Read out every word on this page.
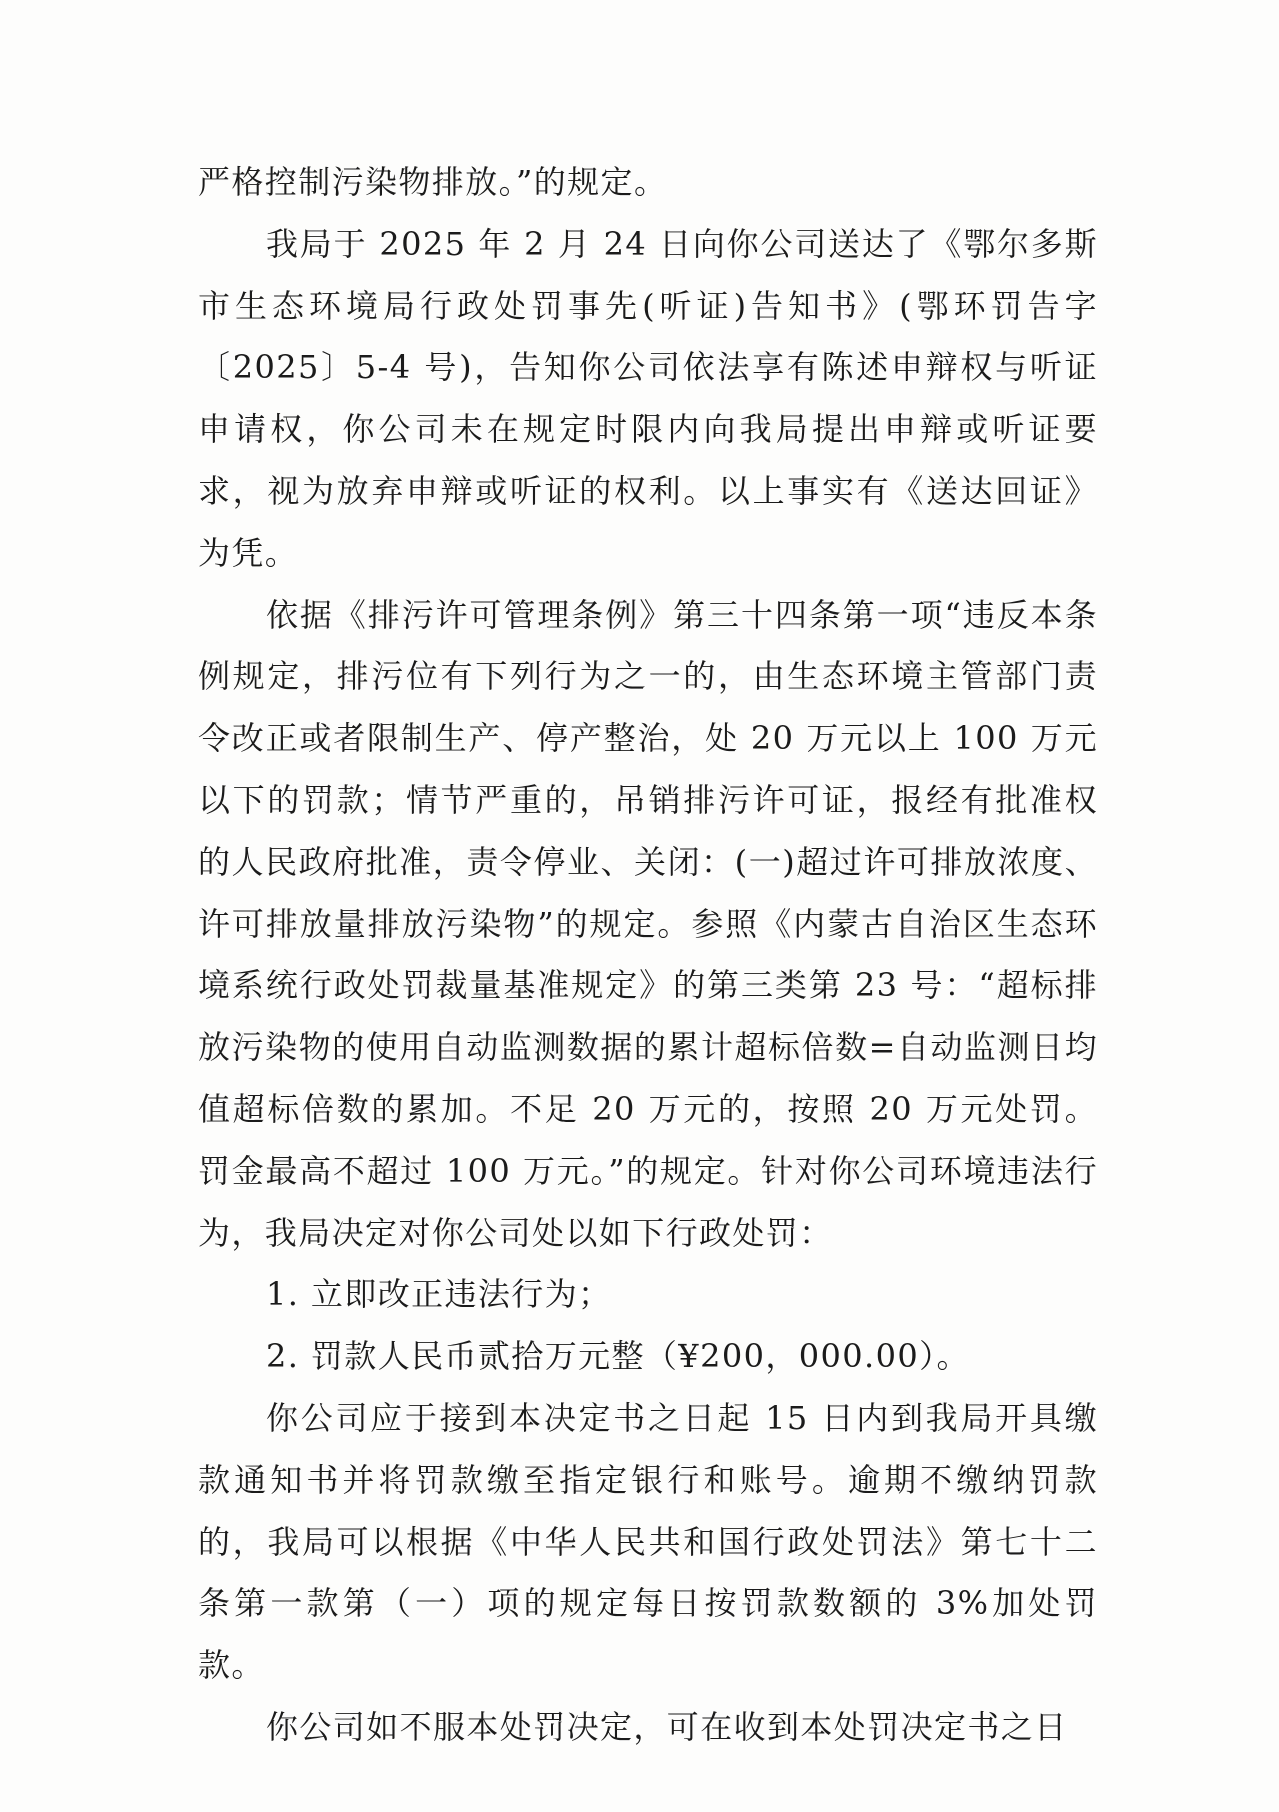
严格控制污染物排放。”的规定。

我局于 2025 年 2 月 24 日向你公司送达了《鄂尔多斯市生态环境局行政处罚事先(听证)告知书》(鄂环罚告字〔2025〕5-4 号)，告知你公司依法享有陈述申辩权与听证申请权，你公司未在规定时限内向我局提出申辩或听证要求，视为放弃申辩或听证的权利。以上事实有《送达回证》为凭。

依据《排污许可管理条例》第三十四条第一项“违反本条例规定，排污位有下列行为之一的，由生态环境主管部门责令改正或者限制生产、停产整治，处 20 万元以上 100 万元以下的罚款；情节严重的，吊销排污许可证，报经有批准权的人民政府批准，责令停业、关闭：(一)超过许可排放浓度、许可排放量排放污染物”的规定。参照《内蒙古自治区生态环境系统行政处罚裁量基准规定》的第三类第 23 号：“超标排放污染物的使用自动监测数据的累计超标倍数=自动监测日均值超标倍数的累加。不足 20 万元的，按照 20 万元处罚。罚金最高不超过 100 万元。”的规定。针对你公司环境违法行为，我局决定对你公司处以如下行政处罚：

1. 立即改正违法行为；

2. 罚款人民币贰拾万元整（¥200，000.00）。

你公司应于接到本决定书之日起 15 日内到我局开具缴款通知书并将罚款缴至指定银行和账号。逾期不缴纳罚款的，我局可以根据《中华人民共和国行政处罚法》第七十二条第一款第（一）项的规定每日按罚款数额的 3%加处罚款。

你公司如不服本处罚决定，可在收到本处罚决定书之日
